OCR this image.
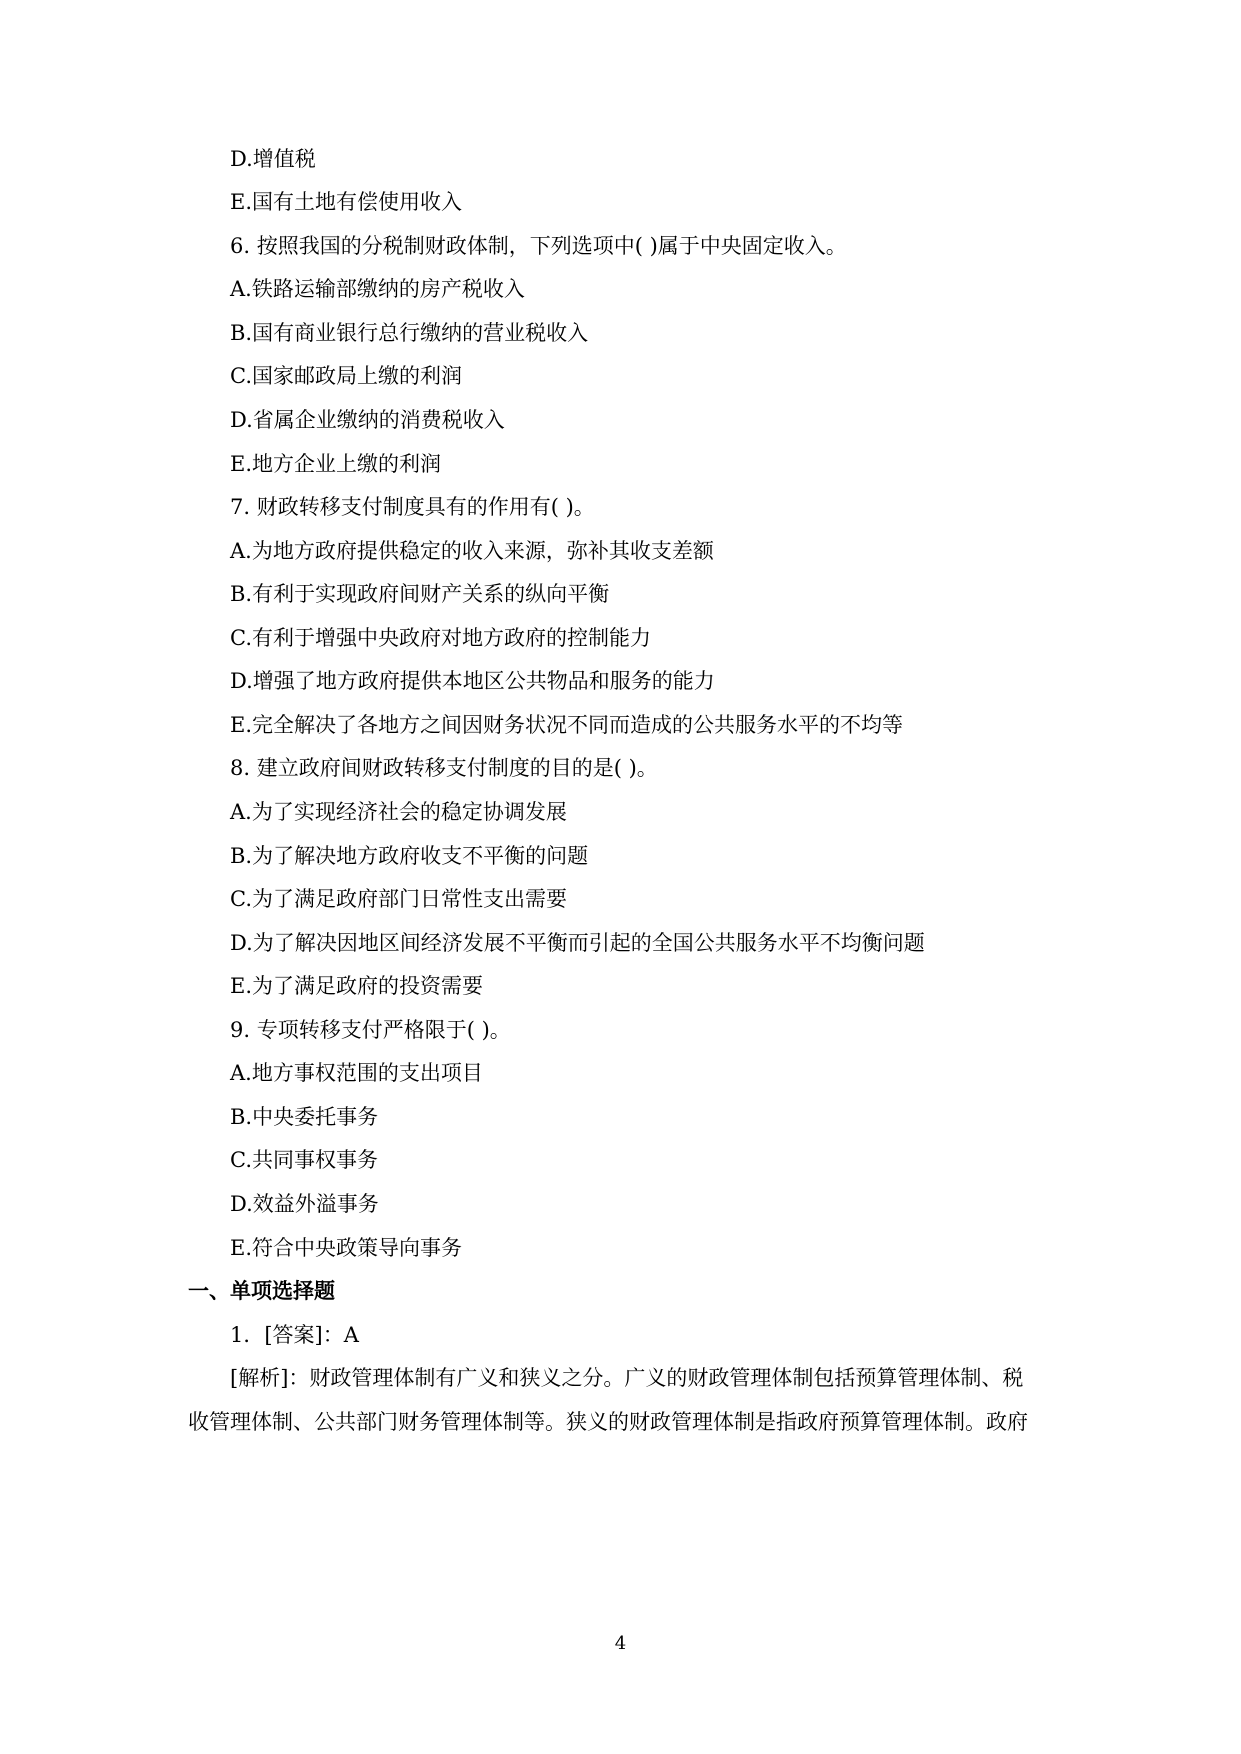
D.增值税
E.国有土地有偿使用收入
6. 按照我国的分税制财政体制，下列选项中( )属于中央固定收入。
A.铁路运输部缴纳的房产税收入
B.国有商业银行总行缴纳的营业税收入
C.国家邮政局上缴的利润
D.省属企业缴纳的消费税收入
E.地方企业上缴的利润
7. 财政转移支付制度具有的作用有( )。
A.为地方政府提供稳定的收入来源，弥补其收支差额
B.有利于实现政府间财产关系的纵向平衡
C.有利于增强中央政府对地方政府的控制能力
D.增强了地方政府提供本地区公共物品和服务的能力
E.完全解决了各地方之间因财务状况不同而造成的公共服务水平的不均等
8. 建立政府间财政转移支付制度的目的是( )。
A.为了实现经济社会的稳定协调发展
B.为了解决地方政府收支不平衡的问题
C.为了满足政府部门日常性支出需要
D.为了解决因地区间经济发展不平衡而引起的全国公共服务水平不均衡问题
E.为了满足政府的投资需要
9. 专项转移支付严格限于( )。
A.地方事权范围的支出项目
B.中央委托事务
C.共同事权事务
D.效益外溢事务
E.符合中央政策导向事务
一、单项选择题
1．[答案]：A
[解析]：财政管理体制有广义和狭义之分。广义的财政管理体制包括预算管理体制、税
收管理体制、公共部门财务管理体制等。狭义的财政管理体制是指政府预算管理体制。政府
4
